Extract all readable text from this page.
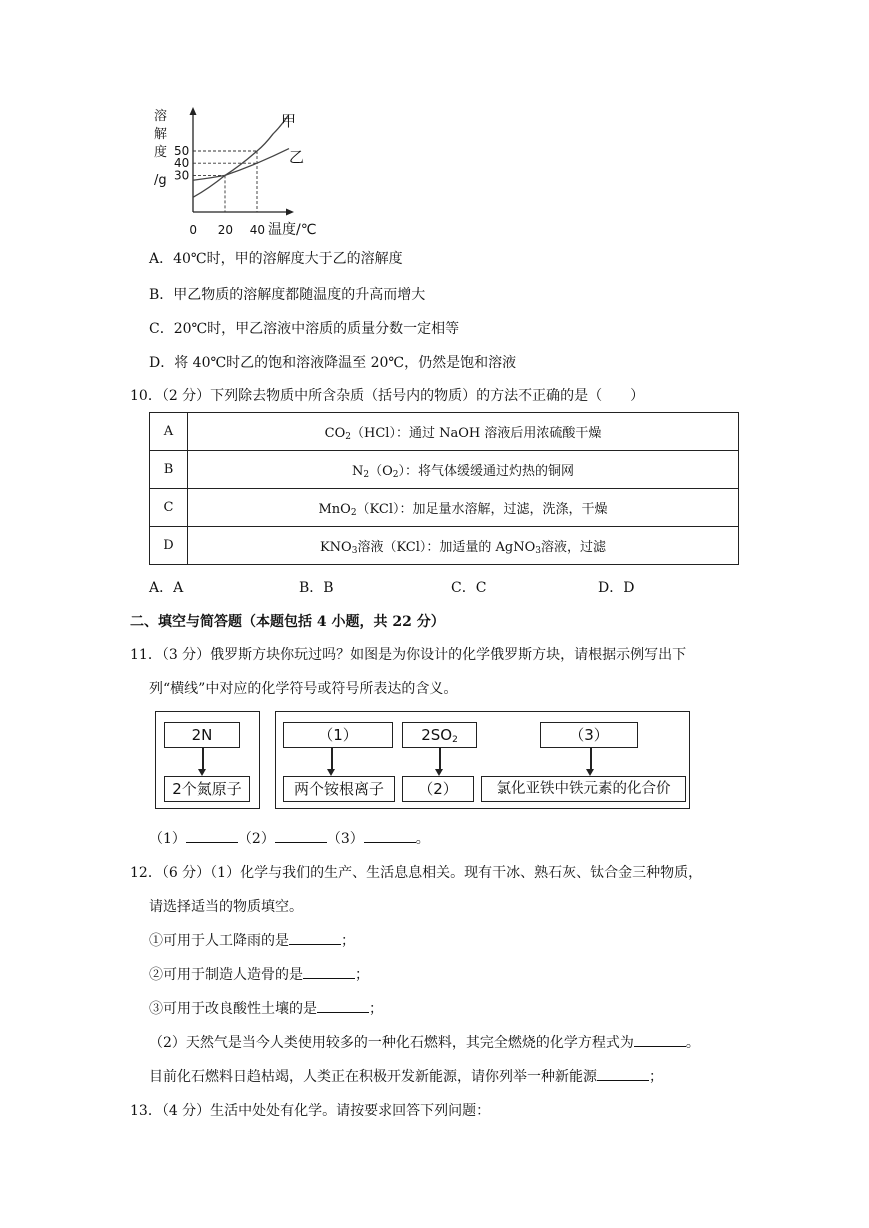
50
40
30
0 20 40
溶
解
度
/g
温度/℃
甲
乙
A．40℃时，甲的溶解度大于乙的溶解度
B．甲乙物质的溶解度都随温度的升高而增大
C．20℃时，甲乙溶液中溶质的质量分数一定相等
D．将 40℃时乙的饱和溶液降温至 20℃，仍然是饱和溶液
10．（2 分）下列除去物质中所含杂质（括号内的物质）的方法不正确的是（　　）
A	$CO_2(HCl)$：通过 NaOH 溶液后用浓硫酸干燥
B	$N_2(O_2)$：将气体缓缓通过灼热的铜网
C	MnO$_2$（KCl）：加足量水溶解，过滤，洗涤，干燥
D	$KNO_3$溶液（KCl）：加适量的 AgNO$_3$溶液，过滤
A．A	B．B	C．C	D．D
二、填空与简答题（本题包括 4 小题，共 22 分）
11．（3 分）俄罗斯方块你玩过吗？如图是为你设计的化学俄罗斯方块，请根据示例写出下
列“横线”中对应的化学符号或符号所表达的含义。
2N
2个氮原子
（1）
两个铵根离子
$2SO_2$
（2）
（3）
氯化亚铁中铁元素的化合价
（1）	（2）	（3）	。
12．（6 分）（1）化学与我们的生产、生活息息相关。现有干冰、熟石灰、钛合金三种物质，
请选择适当的物质填空。
①可用于人工降雨的是	；
②可用于制造人造骨的是	；
③可用于改良酸性土壤的是	；
（2）天然气是当今人类使用较多的一种化石燃料，其完全燃烧的化学方程式为	。
目前化石燃料日趋枯竭，人类正在积极开发新能源，请你列举一种新能源	；
13．（4 分）生活中处处有化学。请按要求回答下列问题：
